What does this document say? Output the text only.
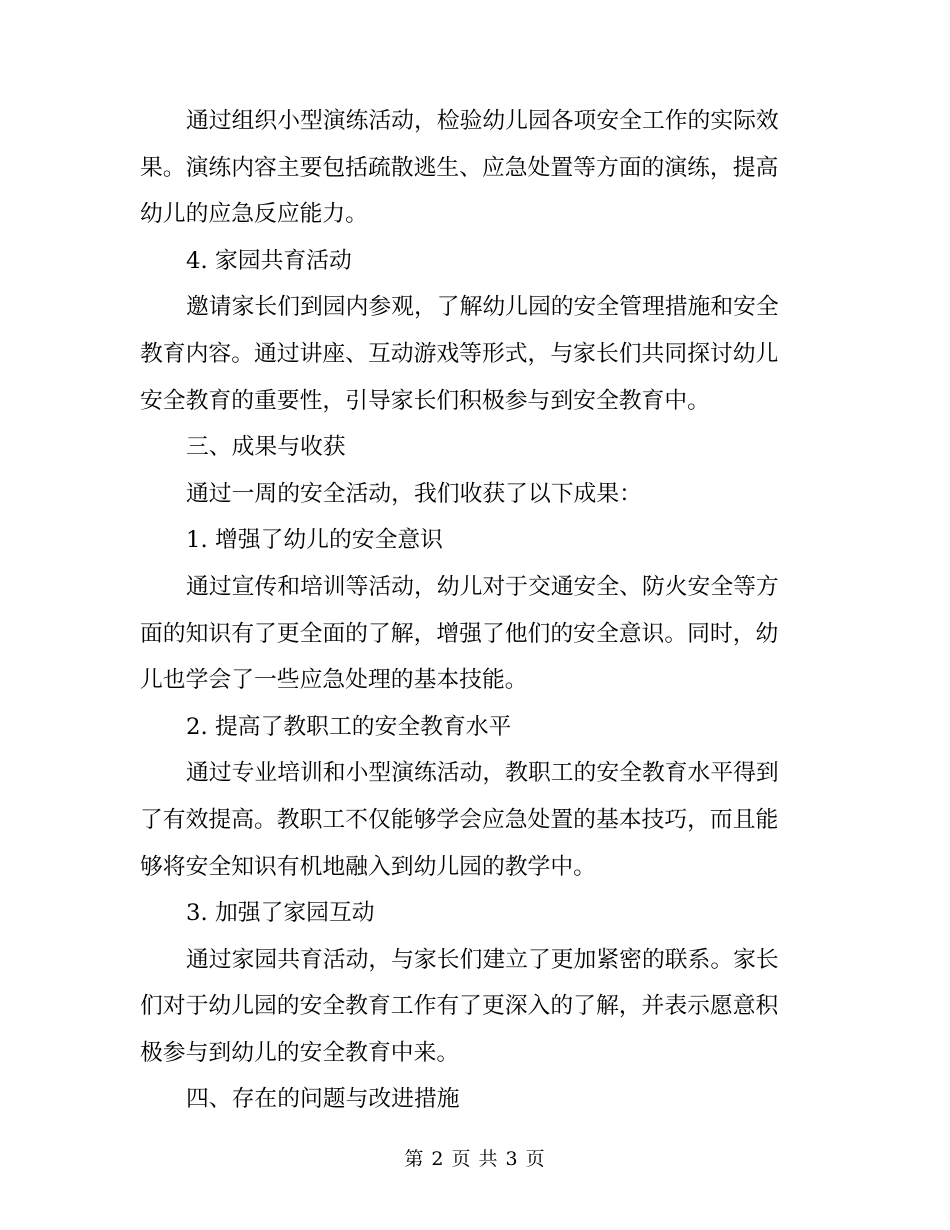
通过组织小型演练活动，检验幼儿园各项安全工作的实际效
果。演练内容主要包括疏散逃生、应急处置等方面的演练，提高
幼儿的应急反应能力。
4. 家园共育活动
邀请家长们到园内参观，了解幼儿园的安全管理措施和安全
教育内容。通过讲座、互动游戏等形式，与家长们共同探讨幼儿
安全教育的重要性，引导家长们积极参与到安全教育中。
三、成果与收获
通过一周的安全活动，我们收获了以下成果：
1. 增强了幼儿的安全意识
通过宣传和培训等活动，幼儿对于交通安全、防火安全等方
面的知识有了更全面的了解，增强了他们的安全意识。同时，幼
儿也学会了一些应急处理的基本技能。
2. 提高了教职工的安全教育水平
通过专业培训和小型演练活动，教职工的安全教育水平得到
了有效提高。教职工不仅能够学会应急处置的基本技巧，而且能
够将安全知识有机地融入到幼儿园的教学中。
3. 加强了家园互动
通过家园共育活动，与家长们建立了更加紧密的联系。家长
们对于幼儿园的安全教育工作有了更深入的了解，并表示愿意积
极参与到幼儿的安全教育中来。
四、存在的问题与改进措施
第 2 页 共 3 页
